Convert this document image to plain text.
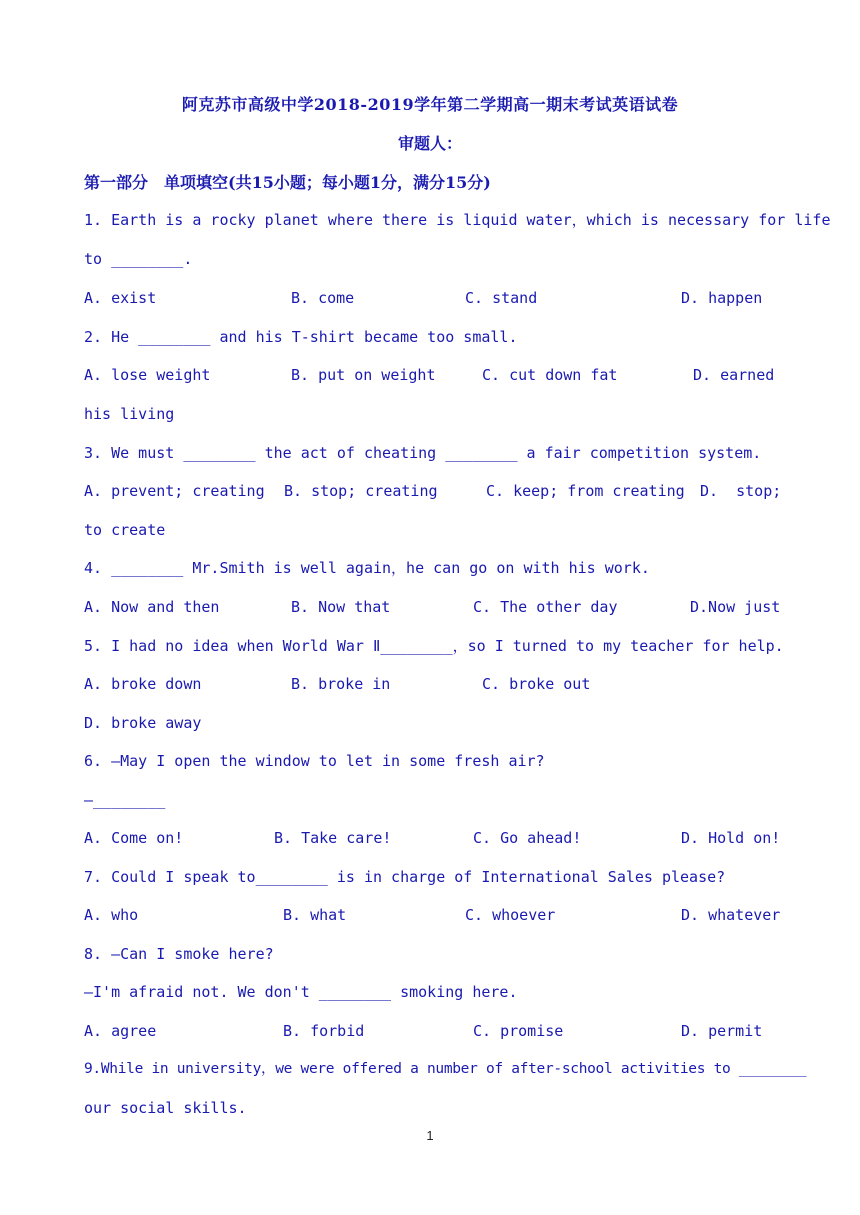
阿克苏市高级中学2018-2019学年第二学期高一期末考试英语试卷
审题人：
第一部分　单项填空(共15小题；每小题1分，满分15分)
1. Earth is a rocky planet where there is liquid water，which is necessary for life
to ________.
A. exist	B. come	C. stand	D. happen
2. He ________ and his T-shirt became too small.
A. lose weight	B. put on weight	C. cut down fat	D. earned
his living
3. We must ________ the act of cheating ________ a fair competition system.
A. prevent; creating B. stop; creating	C. keep; from creating D.  stop;
to create
4. ________ Mr.Smith is well again，he can go on with his work.
A. Now and then	B. Now that	C. The other day	D.Now just
5. I had no idea when World War Ⅱ________，so I turned to my teacher for help.
A. broke down	B. broke in	C. broke out
D. broke away
6. —May I open the window to let in some fresh air?
—________
A. Come on!	B. Take care!	C. Go ahead!	D. Hold on!
7. Could I speak to________ is in charge of International Sales please?
A. who	B. what	C. whoever	D. whatever
8. —Can I smoke here?
—I'm afraid not. We don't ________ smoking here.
A. agree	B. forbid	C. promise	D. permit
9.While in university，we were offered a number of after-school activities to ________
our social skills.
1
